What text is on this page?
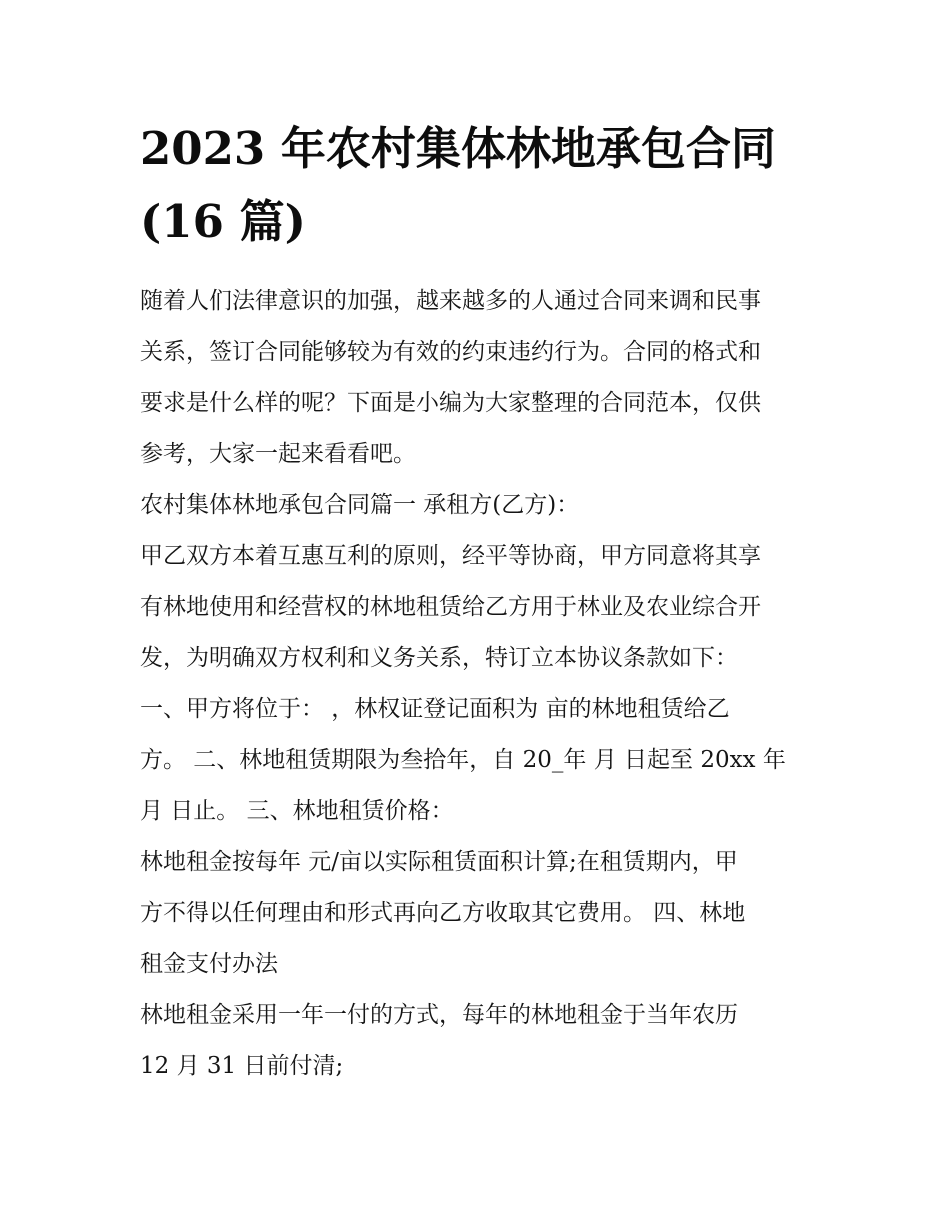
2023 年农村集体林地承包合同
(16 篇)

随着人们法律意识的加强，越来越多的人通过合同来调和民事
关系，签订合同能够较为有效的约束违约行为。合同的格式和
要求是什么样的呢？下面是小编为大家整理的合同范本，仅供
参考，大家一起来看看吧。

农村集体林地承包合同篇一 承租方(乙方)：

甲乙双方本着互惠互利的原则，经平等协商，甲方同意将其享
有林地使用和经营权的林地租赁给乙方用于林业及农业综合开
发，为明确双方权利和义务关系，特订立本协议条款如下：
一、甲方将位于： ，林权证登记面积为 亩的林地租赁给乙
方。 二、林地租赁期限为叁拾年，自 20_年 月 日起至 20xx 年
月 日止。 三、林地租赁价格：

林地租金按每年 元/亩以实际租赁面积计算;在租赁期内，甲
方不得以任何理由和形式再向乙方收取其它费用。 四、林地
租金支付办法

林地租金采用一年一付的方式，每年的林地租金于当年农历
12 月 31 日前付清;
